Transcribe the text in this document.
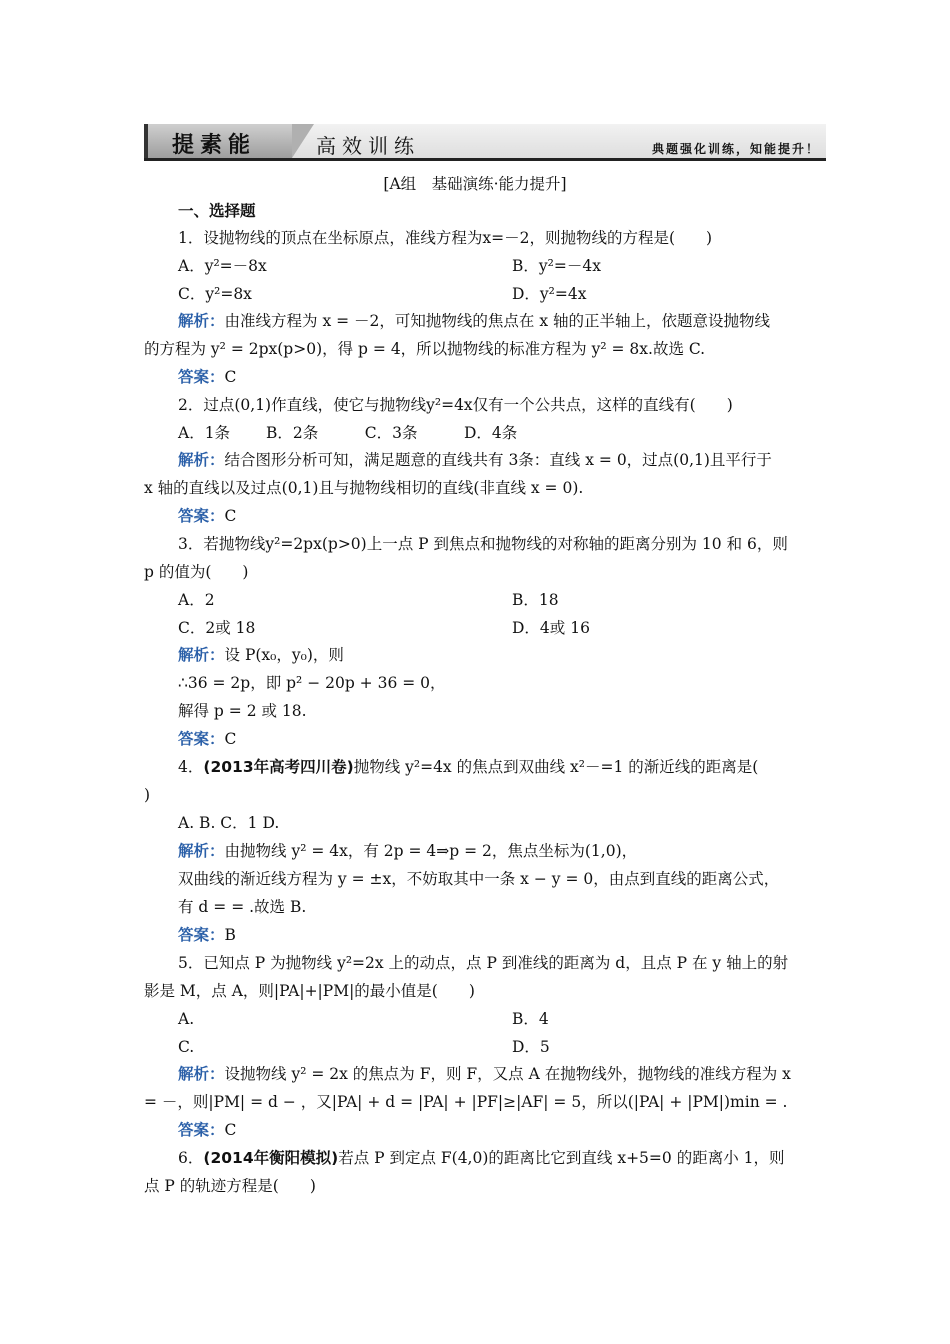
提素能	高效训练	典题强化训练，知能提升！
[A组　基础演练·能力提升]
一、选择题
1．设抛物线的顶点在坐标原点，准线方程为x=－2，则抛物线的方程是(　　)
A．y²=－8x	B．y²=－4x
C．y²=8x	D．y²=4x
解析：由准线方程为 x = －2，可知抛物线的焦点在 x 轴的正半轴上，依题意设抛物线
的方程为 y² = 2px(p>0)，得 p = 4，所以抛物线的标准方程为 y² = 8x.故选 C.
答案：C
2．过点(0,1)作直线，使它与抛物线y²=4x仅有一个公共点，这样的直线有(　　)
A．1条　　 B．2条　　　C．3条　　　D．4条
解析：结合图形分析可知，满足题意的直线共有 3条：直线 x = 0，过点(0,1)且平行于
x 轴的直线以及过点(0,1)且与抛物线相切的直线(非直线 x = 0).
答案：C
3．若抛物线y²=2px(p>0)上一点 P 到焦点和抛物线的对称轴的距离分别为 10 和 6，则
p 的值为(　　)
A．2	B．18
C．2或 18	D．4或 16
解析：设 P(x₀，y₀)，则
∴36 = 2p，即 p² − 20p + 36 = 0，
解得 p = 2 或 18.
答案：C
4．(2013年高考四川卷)抛物线 y²=4x 的焦点到双曲线 x²－=1 的渐近线的距离是(
)
A. B. C．1 D.
解析：由抛物线 y² = 4x，有 2p = 4⇒p = 2，焦点坐标为(1,0)，
双曲线的渐近线方程为 y = ±x，不妨取其中一条 x − y = 0，由点到直线的距离公式，
有 d = = .故选 B.
答案：B
5．已知点 P 为抛物线 y²=2x 上的动点，点 P 到准线的距离为 d，且点 P 在 y 轴上的射
影是 M，点 A，则|PA|+|PM|的最小值是(　　)
A.	B．4
C.	D．5
解析：设抛物线 y² = 2x 的焦点为 F，则 F，又点 A 在抛物线外，抛物线的准线方程为 x
= －，则|PM| = d − ，又|PA| + d = |PA| + |PF|≥|AF| = 5，所以(|PA| + |PM|)min = .
答案：C
6．(2014年衡阳模拟)若点 P 到定点 F(4,0)的距离比它到直线 x+5=0 的距离小 1，则
点 P 的轨迹方程是(　　)
